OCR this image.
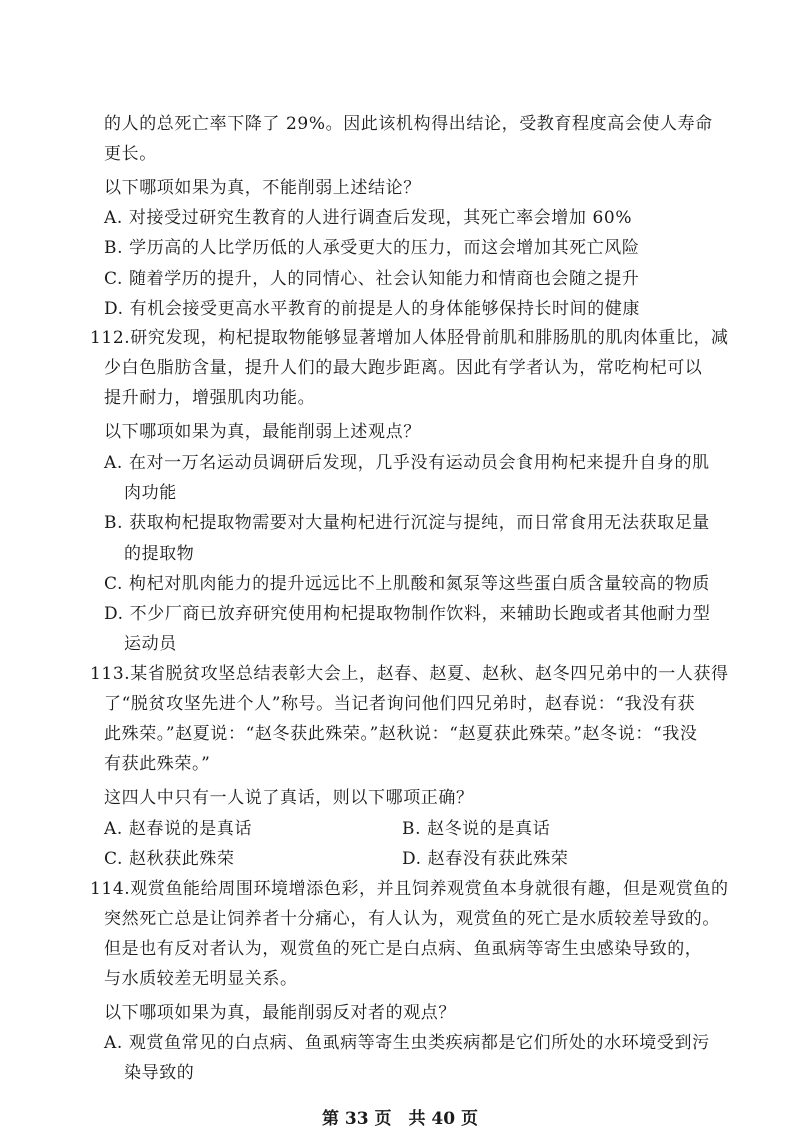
的人的总死亡率下降了 29%。因此该机构得出结论，受教育程度高会使人寿命
更长。
以下哪项如果为真，不能削弱上述结论？
A. 对接受过研究生教育的人进行调查后发现，其死亡率会增加 60%
B. 学历高的人比学历低的人承受更大的压力，而这会增加其死亡风险
C. 随着学历的提升，人的同情心、社会认知能力和情商也会随之提升
D. 有机会接受更高水平教育的前提是人的身体能够保持长时间的健康
112.研究发现，枸杞提取物能够显著增加人体胫骨前肌和腓肠肌的肌肉体重比，减
少白色脂肪含量，提升人们的最大跑步距离。因此有学者认为，常吃枸杞可以
提升耐力，增强肌肉功能。
以下哪项如果为真，最能削弱上述观点？
A. 在对一万名运动员调研后发现，几乎没有运动员会食用枸杞来提升自身的肌
肉功能
B. 获取枸杞提取物需要对大量枸杞进行沉淀与提纯，而日常食用无法获取足量
的提取物
C. 枸杞对肌肉能力的提升远远比不上肌酸和氮泵等这些蛋白质含量较高的物质
D. 不少厂商已放弃研究使用枸杞提取物制作饮料，来辅助长跑或者其他耐力型
运动员
113.某省脱贫攻坚总结表彰大会上，赵春、赵夏、赵秋、赵冬四兄弟中的一人获得
了“脱贫攻坚先进个人”称号。当记者询问他们四兄弟时，赵春说：“我没有获
此殊荣。”赵夏说：“赵冬获此殊荣。”赵秋说：“赵夏获此殊荣。”赵冬说：“我没
有获此殊荣。”
这四人中只有一人说了真话，则以下哪项正确？
A. 赵春说的是真话	B. 赵冬说的是真话
C. 赵秋获此殊荣	D. 赵春没有获此殊荣
114.观赏鱼能给周围环境增添色彩，并且饲养观赏鱼本身就很有趣，但是观赏鱼的
突然死亡总是让饲养者十分痛心，有人认为，观赏鱼的死亡是水质较差导致的。
但是也有反对者认为，观赏鱼的死亡是白点病、鱼虱病等寄生虫感染导致的，
与水质较差无明显关系。
以下哪项如果为真，最能削弱反对者的观点？
A. 观赏鱼常见的白点病、鱼虱病等寄生虫类疾病都是它们所处的水环境受到污
染导致的
第 33 页　共 40 页
